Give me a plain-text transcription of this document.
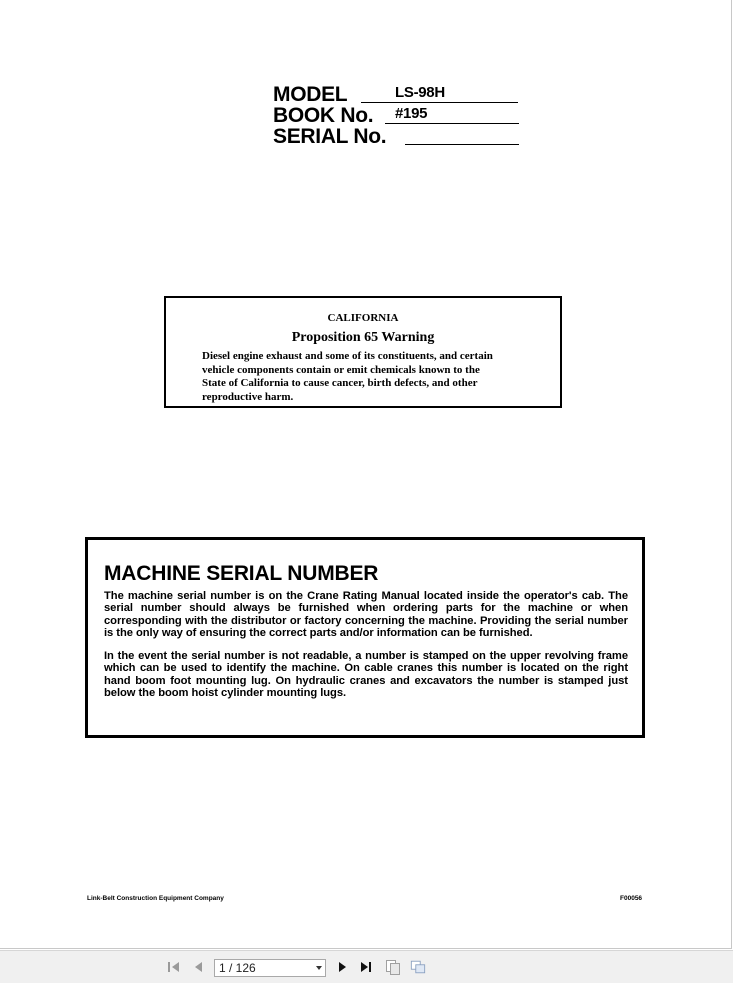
MODEL	LS-98H
BOOK No. #195
SERIAL No.
CALIFORNIA
Proposition 65 Warning
Diesel engine exhaust and some of its constituents, and certain
vehicle components contain or emit chemicals known to the
State of California to cause cancer, birth defects, and other
reproductive harm.
MACHINE SERIAL NUMBER
The machine serial number is on the Crane Rating Manual located inside the operator's cab. The serial number should always be furnished when ordering parts for the machine or when corresponding with the distributor or factory concerning the machine. Providing the serial number is the only way of ensuring the correct parts and/or information can be furnished.
In the event the serial number is not readable, a number is stamped on the upper revolving frame which can be used to identify the machine. On cable cranes this number is located on the right hand boom foot mounting lug. On hydraulic cranes and excavators the number is stamped just below the boom hoist cylinder mounting lugs.
Link-Belt Construction Equipment Company	F00056
1 / 126
